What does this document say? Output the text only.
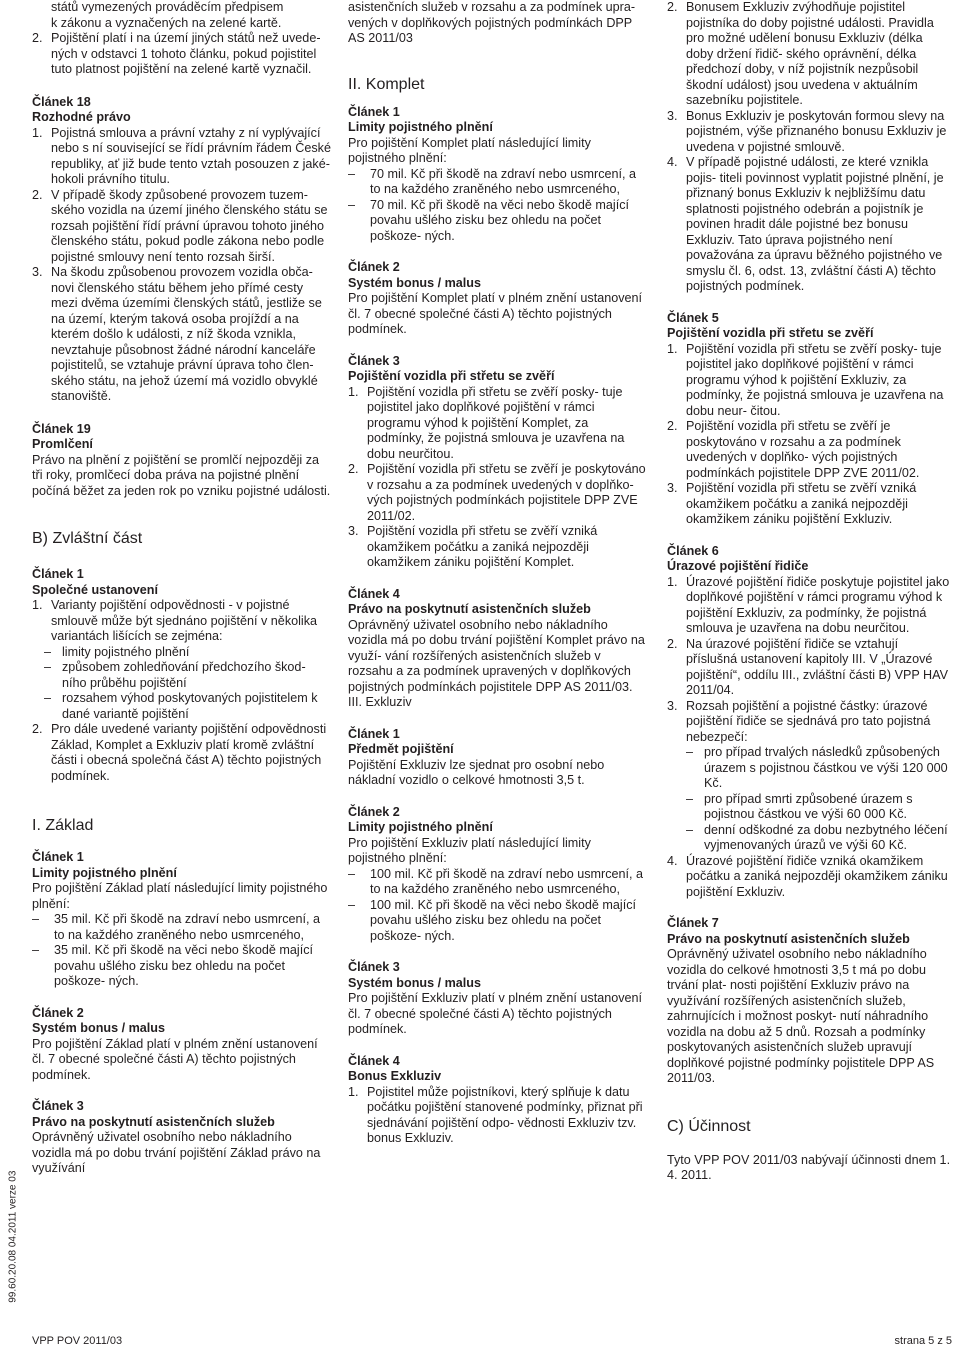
států vymezených prováděcím předpisem

k zákonu a vyznačených na zelené kartě.

2. Pojištění platí i na území jiných států než uvede- ných v odstavci 1 tohoto článku, pokud pojistitel tuto platnost pojištění na zelené kartě vyznačil.

Článek 18

Rozhodné právo

1. Pojistná smlouva a právní vztahy z ní vyplývající nebo s ní související se řídí právním řádem České republiky, ať již bude tento vztah posouzen z jaké- hokoli právního titulu.
2. V případě škody způsobené provozem tuzem- ského vozidla na území jiného členského státu se rozsah pojištění řídí právní úpravou tohoto jiného členského státu, pokud podle zákona nebo podle pojistné smlouvy není tento rozsah širší.
3. Na škodu způsobenou provozem vozidla obča- novi členského státu během jeho přímé cesty mezi dvěma územími členských států, jestliže se na území, kterým taková osoba projíždí a na kterém došlo k události, z níž škoda vznikla, nevztahuje působnost žádné národní kanceláře pojistitelů, se vztahuje právní úprava toho člen- ského státu, na jehož území má vozidlo obvyklé stanoviště.

Článek 19

Promlčení

Právo na plnění z pojištění se promlčí nejpozději za tři roky, promlčecí doba práva na pojistné plnění počíná běžet za jeden rok po vzniku pojistné události.

B) Zvláštní část

Článek 1

Společné ustanovení

1. Varianty pojištění odpovědnosti - v pojistné smlouvě může být sjednáno pojištění v několika variantách lišících se zejména:
– limity pojistného plnění
– způsobem zohledňování předchozího škod- ního průběhu pojištění
– rozsahem výhod poskytovaných pojistitelem k dané variantě pojištění
2. Pro dále uvedené varianty pojištění odpovědnosti Základ, Komplet a Exkluziv platí kromě zvláštní části i obecná společná část A) těchto pojistných podmínek.

I. Základ

Článek 1

Limity pojistného plnění

Pro pojištění Základ platí následující limity pojistného plnění:

– 35 mil. Kč při škodě na zdraví nebo usmrcení, a to na každého zraněného nebo usmrceného,
– 35 mil. Kč při škodě na věci nebo škodě mající povahu ušlého zisku bez ohledu na počet poškoze- ných.

Článek 2

Systém bonus / malus

Pro pojištění Základ platí v plném znění ustanovení čl. 7 obecné společné části A) těchto pojistných podmínek.

Článek 3

Právo na poskytnutí asistenčních služeb

Oprávněný uživatel osobního nebo nákladního vozidla má po dobu trvání pojištění Základ právo na využívání

asistenčních služeb v rozsahu a za podmínek upra- vených v doplňkových pojistných podmínkách DPP AS 2011/03

II. Komplet

Článek 1

Limity pojistného plnění

Pro pojištění Komplet platí následující limity pojistného plnění:

– 70 mil. Kč při škodě na zdraví nebo usmrcení, a to na každého zraněného nebo usmrceného,
– 70 mil. Kč při škodě na věci nebo škodě mající povahu ušlého zisku bez ohledu na počet poškoze- ných.

Článek 2

Systém bonus / malus

Pro pojištění Komplet platí v plném znění ustanovení čl. 7 obecné společné části A) těchto pojistných podmínek.

Článek 3

Pojištění vozidla při střetu se zvěří

1. Pojištění vozidla při střetu se zvěří posky- tuje pojistitel jako doplňkové pojištění v rámci programu výhod k pojištění Komplet, za podmínky, že pojistná smlouva je uzavřena na dobu neurčitou.
2. Pojištění vozidla při střetu se zvěří je poskytováno v rozsahu a za podmínek uvedených v doplňko- vých pojistných podmínkách pojistitele DPP ZVE 2011/02.
3. Pojištění vozidla při střetu se zvěří vzniká okamžikem počátku a zaniká nejpozději okamžikem zániku pojištění Komplet.

Článek 4

Právo na poskytnutí asistenčních služeb

Oprávněný uživatel osobního nebo nákladního vozidla má po dobu trvání pojištění Komplet právo na využí- vání rozšířených asistenčních služeb v rozsahu a za podmínek upravených v doplňkových pojistných podmínkách pojistitele DPP AS 2011/03.

III. Exkluziv

Článek 1

Předmět pojištění

Pojištění Exkluziv lze sjednat pro osobní nebo nákladní vozidlo o celkové hmotnosti 3,5 t.

Článek 2

Limity pojistného plnění

Pro pojištění Exkluziv platí následující limity pojistného plnění:

– 100 mil. Kč při škodě na zdraví nebo usmrcení, a to na každého zraněného nebo usmrceného,
– 100 mil. Kč při škodě na věci nebo škodě mající povahu ušlého zisku bez ohledu na počet poškoze- ných.

Článek 3

Systém bonus / malus

Pro pojištění Exkluziv platí v plném znění ustanovení čl. 7 obecné společné části A) těchto pojistných podmínek.

Článek 4

Bonus Exkluziv

1. Pojistitel může pojistníkovi, který splňuje k datu počátku pojištění stanovené podmínky, přiznat při sjednávání pojištění odpo- vědnosti Exkluziv tzv. bonus Exkluziv.
2. Bonusem Exkluziv zvýhodňuje pojistitel pojistníka do doby pojistné události. Pravidla pro možné udělení bonusu Exkluziv (délka doby držení řidič- ského oprávnění, délka předchozí doby, v níž pojistník nezpůsobil škodní událost) jsou uvedena v aktuálním sazebníku pojistitele.
3. Bonus Exkluziv je poskytován formou slevy na pojistném, výše přiznaného bonusu Exkluziv je uvedena v pojistné smlouvě.
4. V případě pojistné události, ze které vznikla pojis- titeli povinnost vyplatit pojistné plnění, je přiznaný bonus Exkluziv k nejbližšímu datu splatnosti pojistného odebrán a pojistník je povinen hradit dále pojistné bez bonusu Exkluziv. Tato úprava pojistného není považována za úpravu běžného pojistného ve smyslu čl. 6, odst. 13, zvláštní části A) těchto pojistných podmínek.

Článek 5

Pojištění vozidla při střetu se zvěří

1. Pojištění vozidla při střetu se zvěří posky- tuje pojistitel jako doplňkové pojištění v rámci programu výhod k pojištění Exkluziv, za podmínky, že pojistná smlouva je uzavřena na dobu neur- čitou.
2. Pojištění vozidla při střetu se zvěří je poskytováno v rozsahu a za podmínek uvedených v doplňko- vých pojistných podmínkách pojistitele DPP ZVE 2011/02.
3. Pojištění vozidla při střetu se zvěří vzniká okamžikem počátku a zaniká nejpozději okamžikem zániku pojištění Exkluziv.

Článek 6

Úrazové pojištění řidiče

1. Úrazové pojištění řidiče poskytuje pojistitel jako doplňkové pojištění v rámci programu výhod k pojištění Exkluziv, za podmínky, že pojistná smlouva je uzavřena na dobu neurčitou.
2. Na úrazové pojištění řidiče se vztahují příslušná ustanovení kapitoly III. V „Úrazové pojištění“, oddílu III., zvláštní části B) VPP HAV 2011/04.
3. Rozsah pojištění a pojistné částky: úrazové pojištění řidiče se sjednává pro tato pojistná nebezpečí:
– pro případ trvalých následků způsobených úrazem s pojistnou částkou ve výši 120 000 Kč.
– pro případ smrti způsobené úrazem s pojistnou částkou ve výši 60 000 Kč.
– denní odškodné za dobu nezbytného léčení vyjmenovaných úrazů ve výši 60 Kč.
4. Úrazové pojištění řidiče vzniká okamžikem počátku a zaniká nejpozději okamžikem zániku pojištění Exkluziv.

Článek 7

Právo na poskytnutí asistenčních služeb

Oprávněný uživatel osobního nebo nákladního vozidla do celkové hmotnosti 3,5 t má po dobu trvání plat- nosti pojištění Exkluziv právo na využívání rozšířených asistenčních služeb, zahrnujících i možnost poskyt- nutí náhradního vozidla na dobu až 5 dnů. Rozsah a podmínky poskytovaných asistenčních služeb upravují doplňkové pojistné podmínky pojistitele DPP AS 2011/03.

C) Účinnost

Tyto VPP POV 2011/03 nabývají účinnosti dnem 1. 4. 2011.

99.60.20.08 04.2011 verze 03
VPP POV 2011/03	strana 5 z 5
